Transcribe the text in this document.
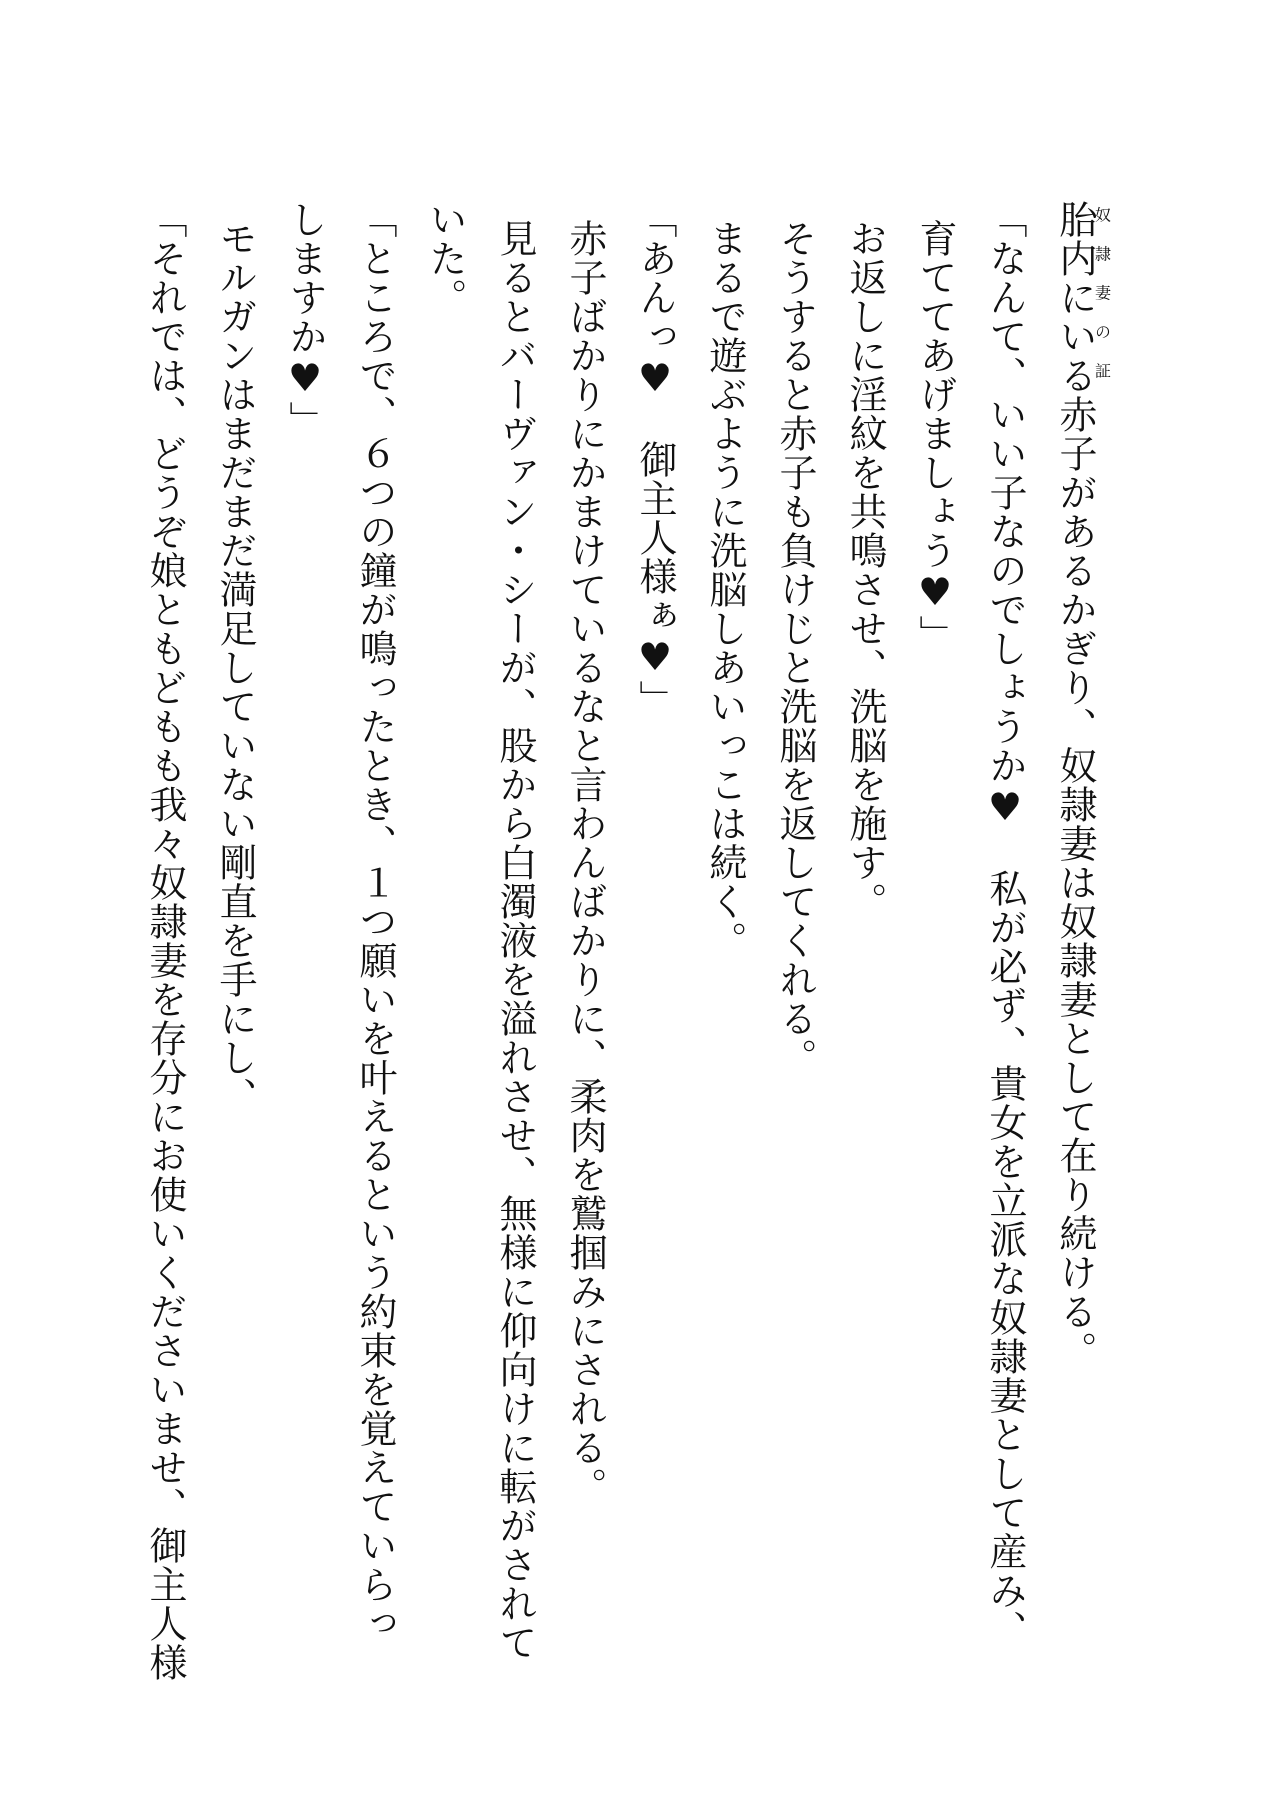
胎内にいる奴隷妻の証赤子があるかぎり、奴隷妻は奴隷妻として在り続ける。
「なんて、いい子なのでしょうか♥　私が必ず、貴女を立派な奴隷妻として産み、
育ててあげましょう♥」
お返しに淫紋を共鳴させ、洗脳を施す。
そうすると赤子も負けじと洗脳を返してくれる。
まるで遊ぶように洗脳しあいっこは続く。
「あんっ♥　御主人様ぁ♥」
赤子ばかりにかまけているなと言わんばかりに、柔肉を鷲掴みにされる。
見るとバーヴァン・シーが、股から白濁液を溢れさせ、無様に仰向けに転がされて
いた。
「ところで、６つの鐘が鳴ったとき、１つ願いを叶えるという約束を覚えていらっ
しますか♥」
モルガンはまだまだ満足していない剛直を手にし、
「それでは、どうぞ娘ともどもも我々奴隷妻を存分にお使いくださいませ、御主人様
